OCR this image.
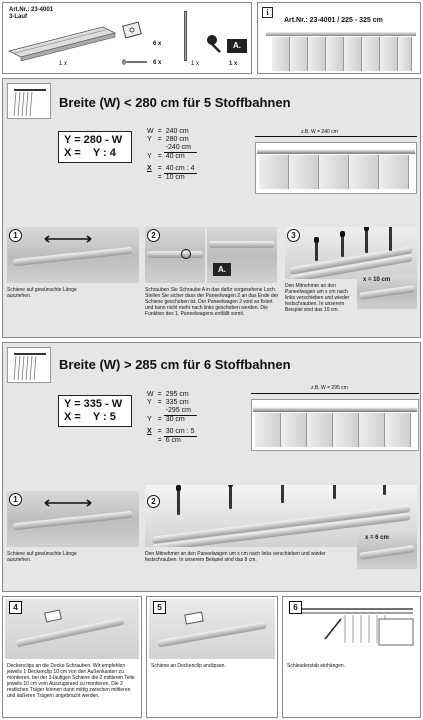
Art.Nr.: 23-4001
3-Lauf
1 x
6 x
6 x	1 x
A.
1 x
i
Art.Nr.: 23-4001 / 225 - 325 cm
Breite (W) < 280 cm für 5 Stoffbahnen
Y = 280 - W
X =    Y : 4
W	=	240 cm
Y	=	280 cm
		-240 cm
Y	=	40 cm

X	=	40 cm : 4
	=	10 cm
z.B. W = 240 cm
1
Schiene auf gewünschte Länge ausziehen.
2
A.
Schrauben Sie Schraube A in das dafür vorgesehene Loch. Stellen Sie sicher dass der Paneelwagen 2 an das Ende der Schiene geschoben ist. Der Paneelwagen 2 wird so fixiert und kann nicht mehr nach links geschoben werden. Die Funktion des 1. Paneelwagens entfällt somit.
3
Den Mitnehmer an den Paneelwagen um x cm nach links verschieben und wieder festschrauben. In unserem Beispiel sind das 10 cm.
x = 10 cm
Breite (W) > 285 cm für 6 Stoffbahnen
Y = 335 - W
X =    Y : 5
W	=	295 cm
Y	=	335 cm
		-295 cm
Y	=	30 cm

X	=	30 cm : 5
	=	6 cm
z.B. W = 295 cm
1
Schiene auf gewünschte Länge ausziehen.
2
Den Mitnehmer an den Paneelwagen um x cm nach links verschieben und wieder festschrauben. In unserem Beispiel sind das 8 cm.
x = 6 cm
4
Deckenclips an die Decke Schrauben. Wir empfehlen jeweils 1 Deckenclip 10 cm von den Außenkanten zu montieren, bei der 3-läufigen Schiene die 2 mittleren Teile jeweils 10 cm vom Auszugsrand zu montieren. Die 2 restlichen Träger können dann mittig zwischen mittleren und äußeren Trägern angebracht werden.
5
Schiene an Deckenclip anclipsen.
6
Schleuderstab einhängen.
